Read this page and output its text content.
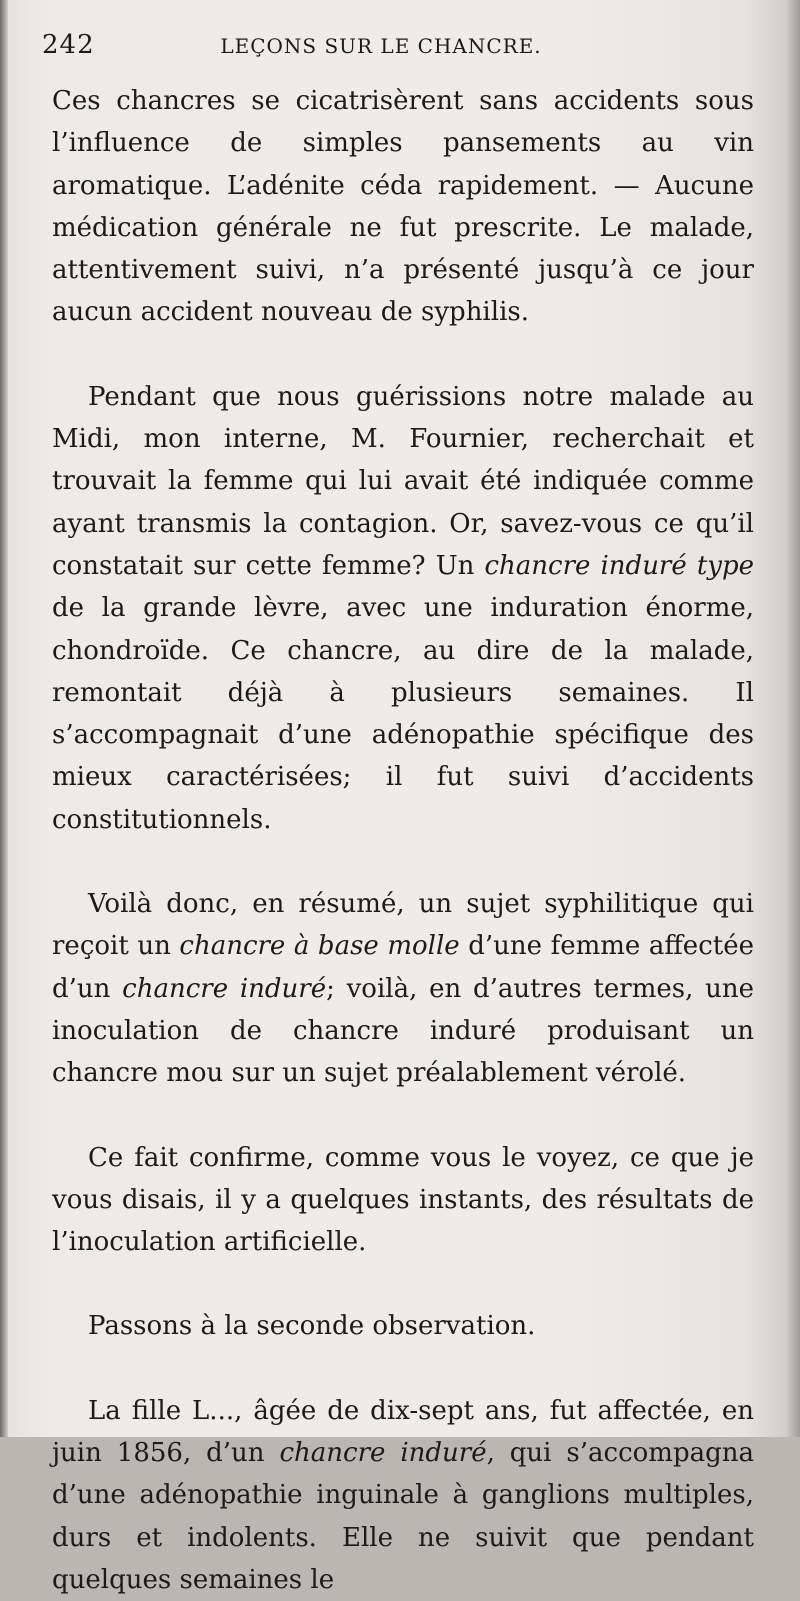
242	LEÇONS SUR LE CHANCRE.

Ces chancres se cicatrisèrent sans accidents sous l’influence de simples pansements au vin aromatique. L’adénite céda rapidement. — Aucune médication générale ne fut prescrite. Le malade, attentivement suivi, n’a présenté jusqu’à ce jour aucun accident nouveau de syphilis.

Pendant que nous guérissions notre malade au Midi, mon interne, M. Fournier, recherchait et trouvait la femme qui lui avait été indiquée comme ayant transmis la contagion. Or, savez-vous ce qu’il constatait sur cette femme? Un chancre induré type de la grande lèvre, avec une induration énorme, chondroïde. Ce chancre, au dire de la malade, remontait déjà à plusieurs semaines. Il s’accompagnait d’une adénopathie spécifique des mieux caractérisées; il fut suivi d’accidents constitutionnels.

Voilà donc, en résumé, un sujet syphilitique qui reçoit un chancre à base molle d’une femme affectée d’un chancre induré; voilà, en d’autres termes, une inoculation de chancre induré produisant un chancre mou sur un sujet préalablement vérolé.

Ce fait confirme, comme vous le voyez, ce que je vous disais, il y a quelques instants, des résultats de l’inoculation artificielle.

Passons à la seconde observation.

La fille L..., âgée de dix-sept ans, fut affectée, en juin 1856, d’un chancre induré, qui s’accompagna d’une adénopathie inguinale à ganglions multiples, durs et indolents. Elle ne suivit que pendant quelques semaines le
